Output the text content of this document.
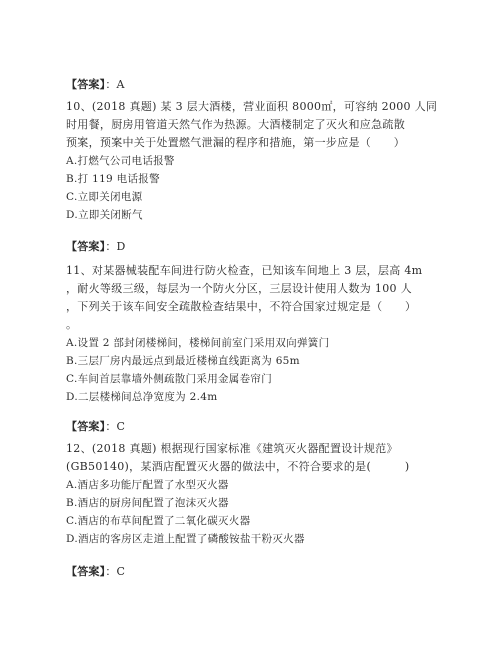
【答案】：A
10、(2018 真题) 某 3 层大酒楼，营业面积 8000㎡，可容纳 2000 人同
时用餐，厨房用管道天然气作为热源。大酒楼制定了灭火和应急疏散
预案，预案中关于处置燃气泄漏的程序和措施，第一步应是（　　）
A.打燃气公司电话报警
B.打 119 电话报警
C.立即关闭电源
D.立即关闭断气
【答案】：D
11、对某器械装配车间进行防火检查，已知该车间地上 3 层，层高 4m
，耐火等级三级，每层为一个防火分区，三层设计使用人数为 100 人
，下列关于该车间安全疏散检查结果中，不符合国家过规定是（　　）
。
A.设置 2 部封闭楼梯间，楼梯间前室门采用双向弹簧门
B.三层厂房内最远点到最近楼梯直线距离为 65m
C.车间首层靠墙外侧疏散门采用金属卷帘门
D.二层楼梯间总净宽度为 2.4m
【答案】：C
12、(2018 真题) 根据现行国家标准《建筑灭火器配置设计规范》
(GB50140)，某酒店配置灭火器的做法中，不符合要求的是(　　　)
A.酒店多功能厅配置了水型灭火器
B.酒店的厨房间配置了泡沫灭火器
C.酒店的布草间配置了二氧化碳灭火器
D.酒店的客房区走道上配置了磷酸铵盐干粉灭火器
【答案】：C
